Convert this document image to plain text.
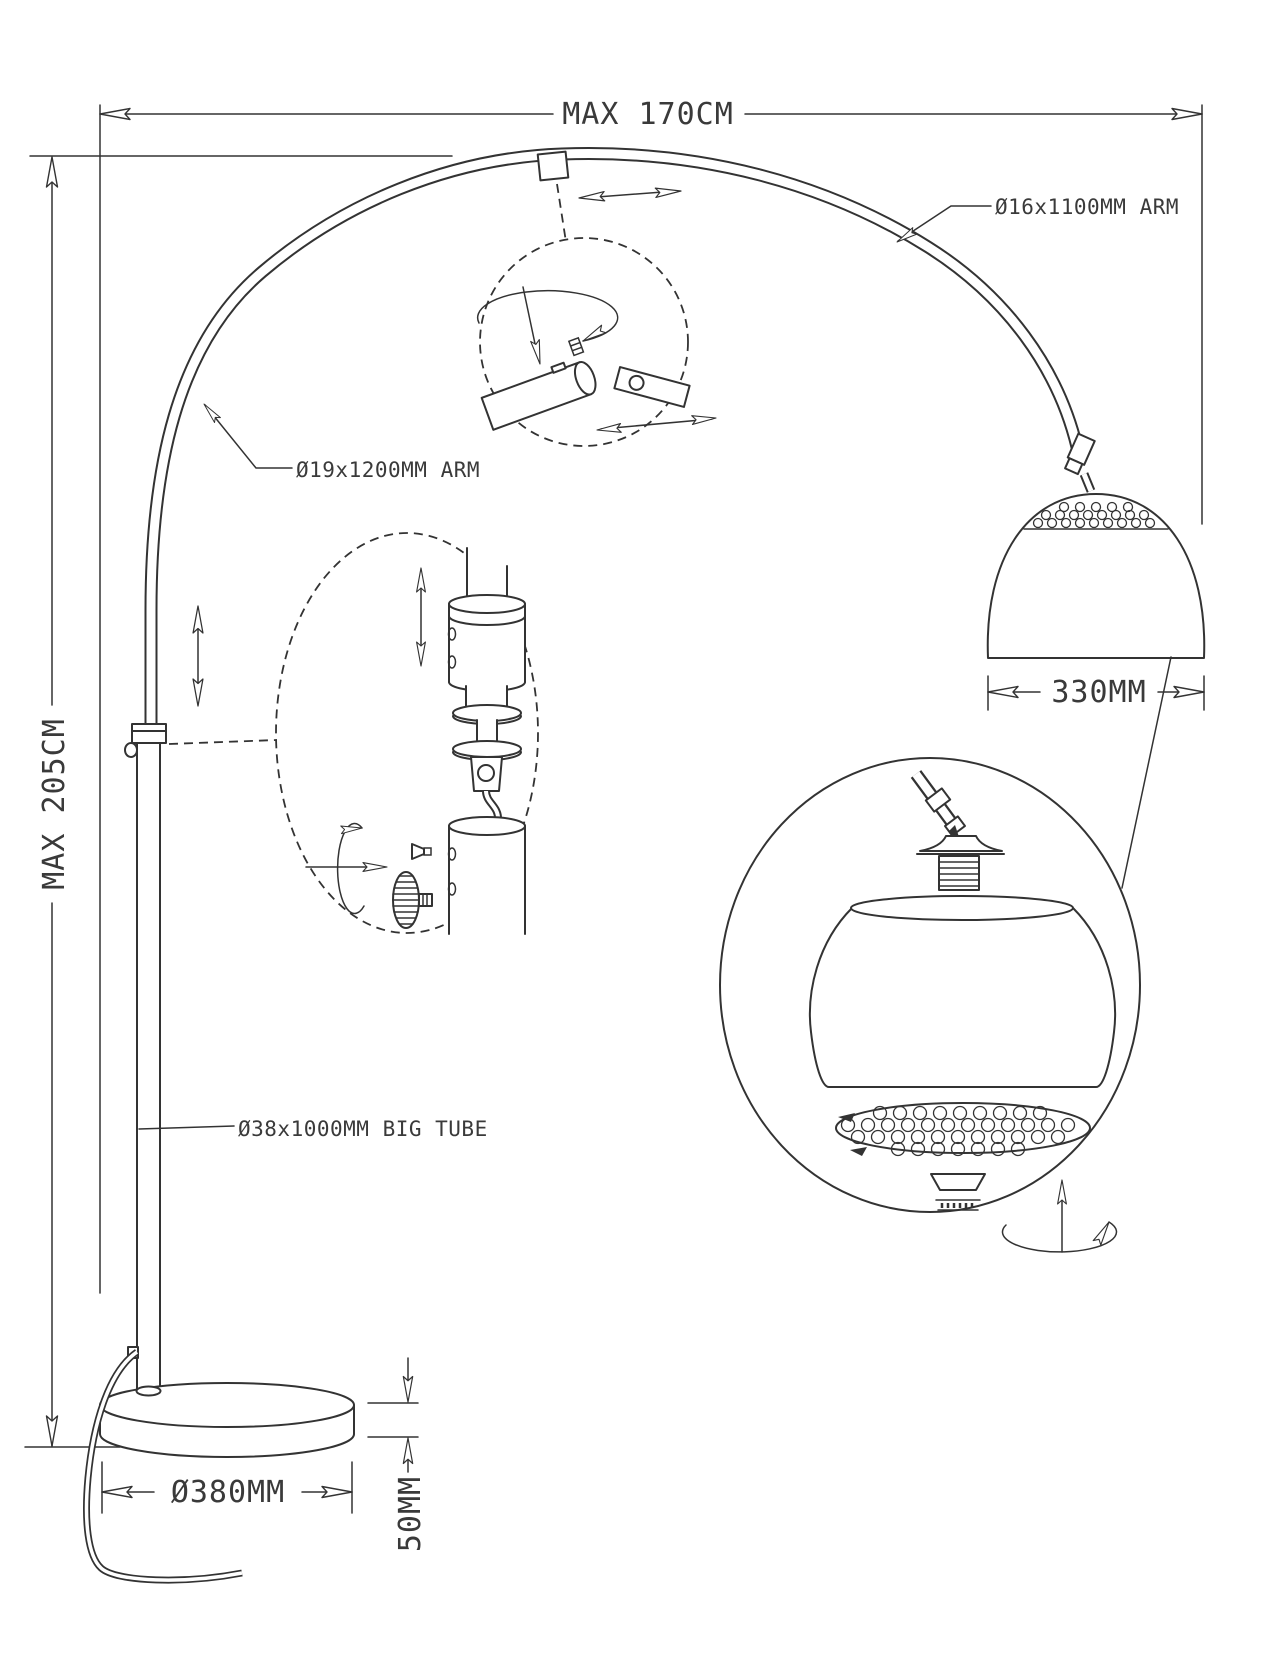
MAX 170CM
MAX 205CM
330MM
Ø380MM	50MM
Ø16x1100MM ARM
Ø19x1200MM ARM
Ø38x1000MM BIG TUBE
